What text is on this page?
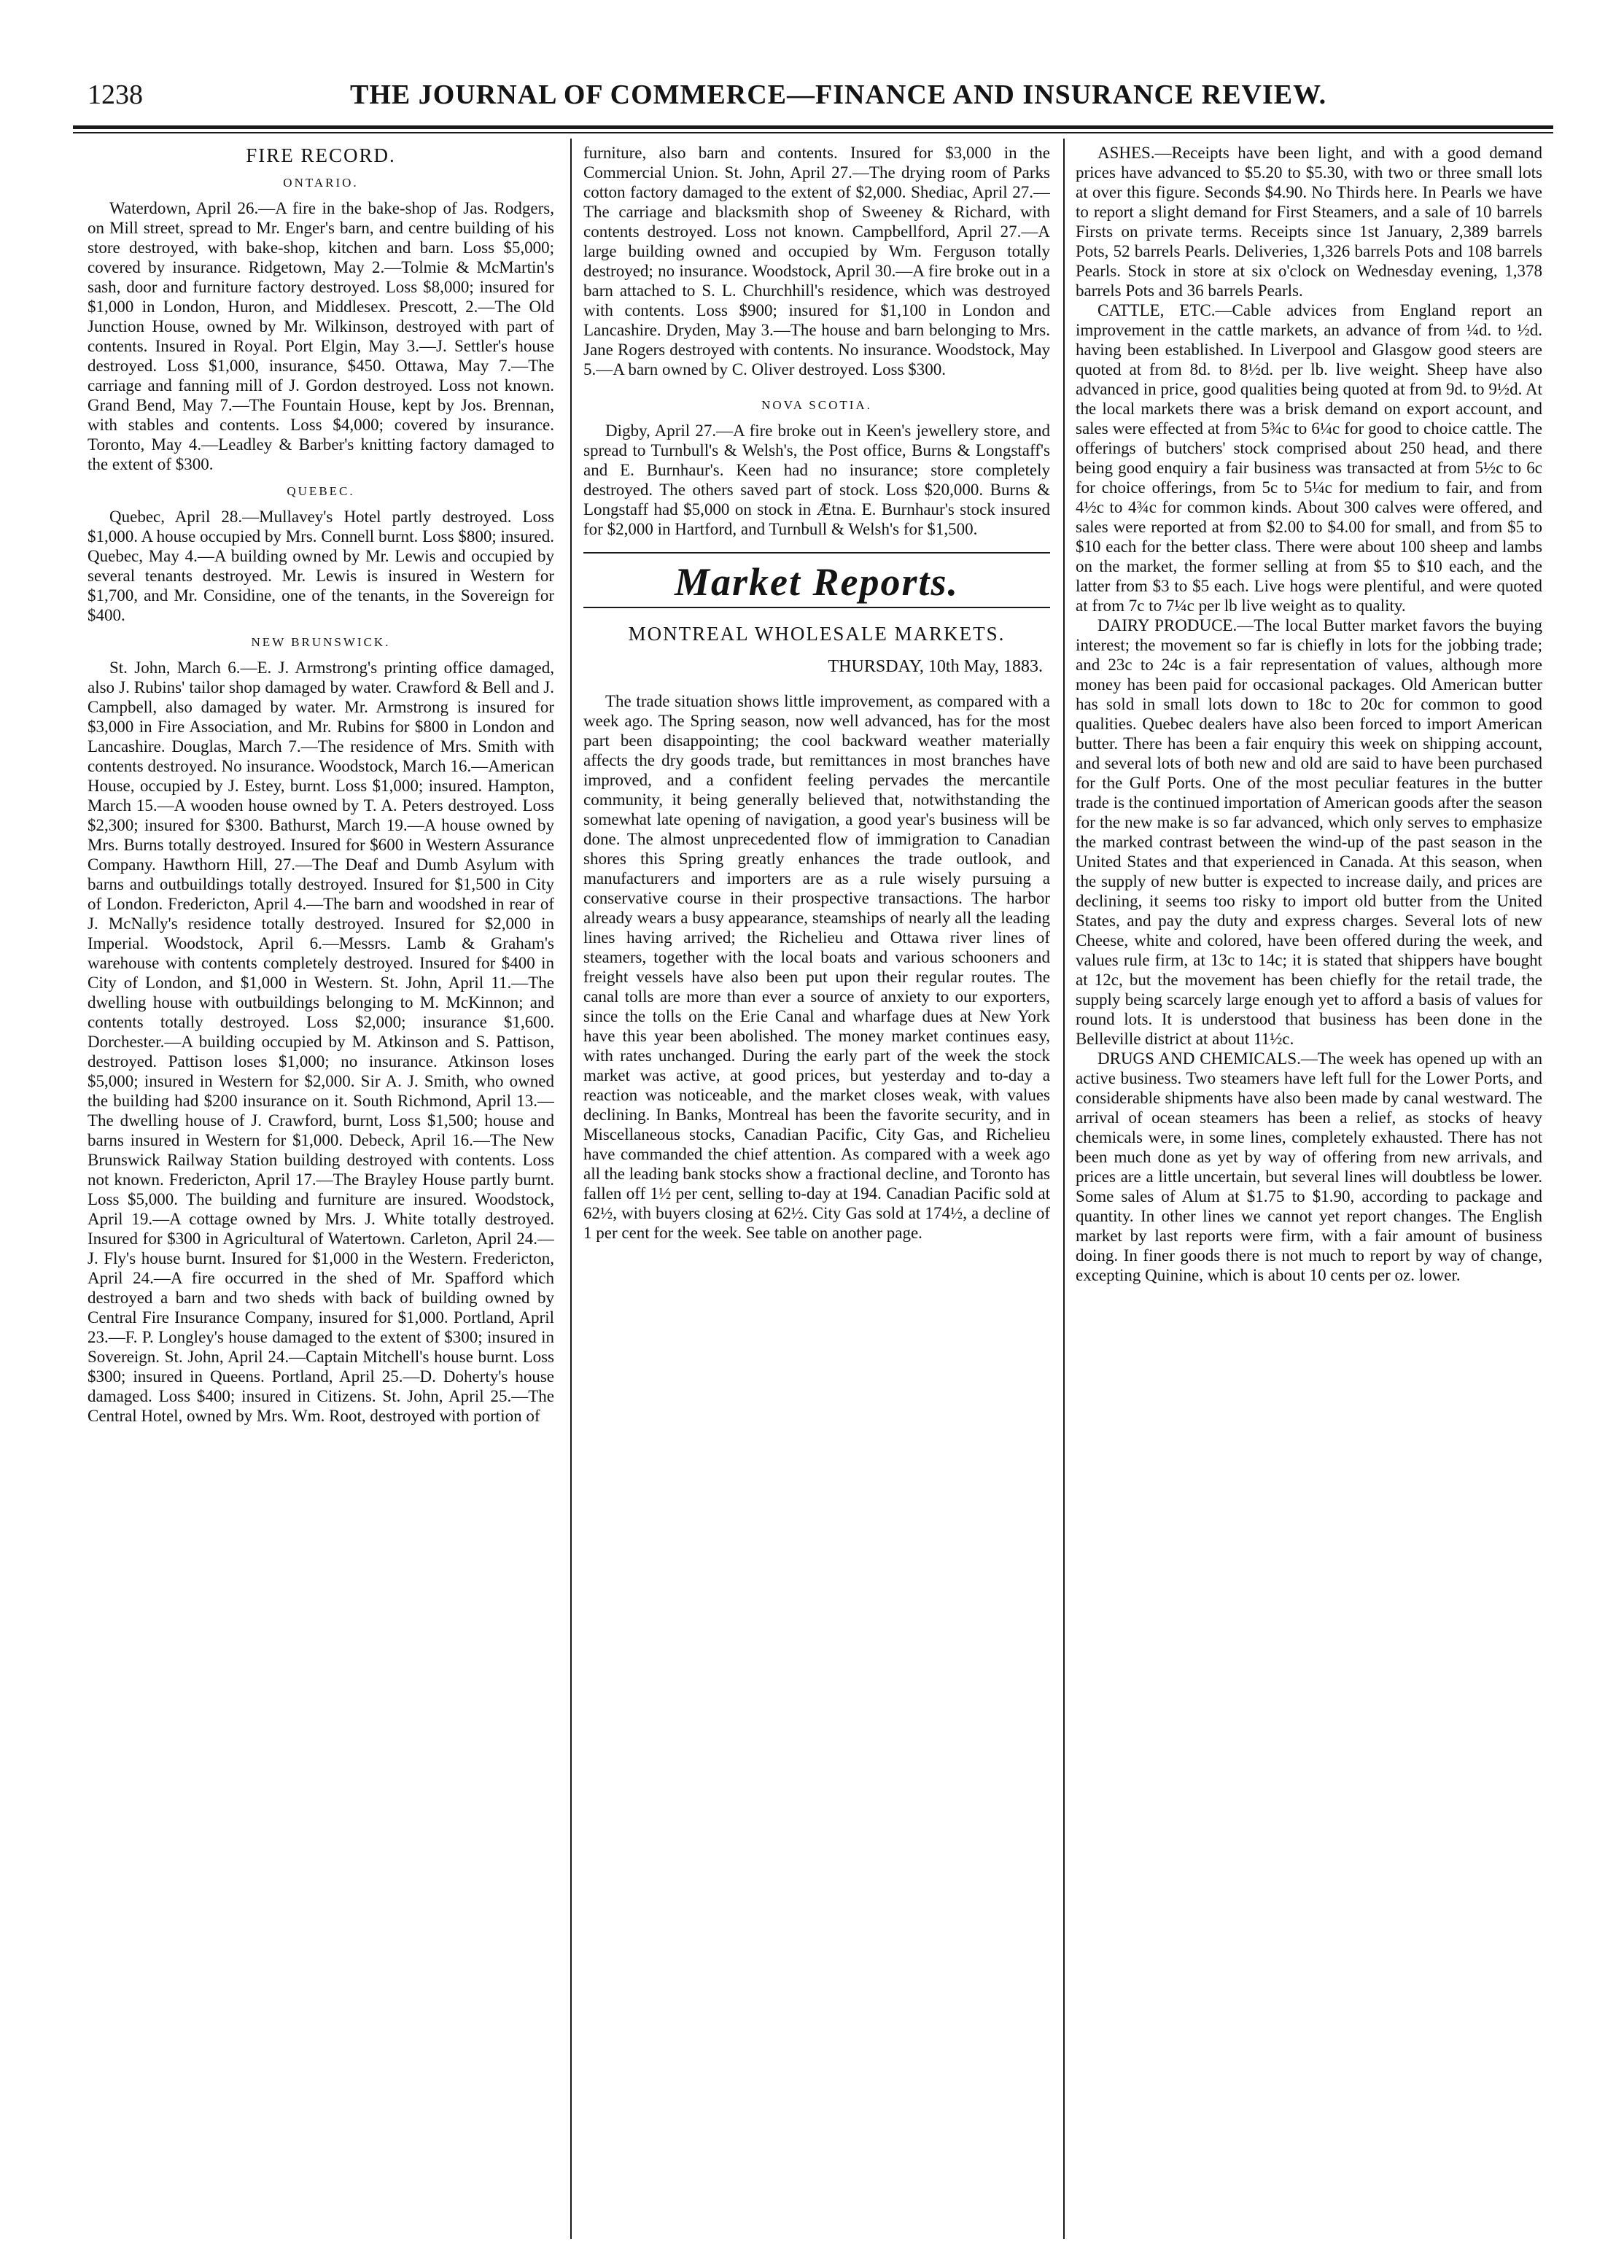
1238	THE JOURNAL OF COMMERCE—FINANCE AND INSURANCE REVIEW.
FIRE RECORD.
ONTARIO.

Waterdown, April 26.—A fire in the bake-shop of Jas. Rodgers, on Mill street, spread to Mr. Enger's barn, and centre building of his store destroyed, with bake-shop, kitchen and barn. Loss $5,000; covered by insurance. Ridgetown, May 2.—Tolmie & McMartin's sash, door and furniture factory destroyed. Loss $8,000; insured for $1,000 in London, Huron, and Middlesex. Prescott, 2.—The Old Junction House, owned by Mr. Wilkinson, destroyed with part of contents. Insured in Royal. Port Elgin, May 3.—J. Settler's house destroyed. Loss $1,000, insurance, $450. Ottawa, May 7.—The carriage and fanning mill of J. Gordon destroyed. Loss not known. Grand Bend, May 7.—The Fountain House, kept by Jos. Brennan, with stables and contents. Loss $4,000; covered by insurance. Toronto, May 4.—Leadley & Barber's knitting factory damaged to the extent of $300.

QUEBEC.

Quebec, April 28.—Mullavey's Hotel partly destroyed. Loss $1,000. A house occupied by Mrs. Connell burnt. Loss $800; insured. Quebec, May 4.—A building owned by Mr. Lewis and occupied by several tenants destroyed. Mr. Lewis is insured in Western for $1,700, and Mr. Considine, one of the tenants, in the Sovereign for $400.

NEW BRUNSWICK.

St. John, March 6.—E. J. Armstrong's printing office damaged, also J. Rubins' tailor shop damaged by water. Crawford & Bell and J. Campbell, also damaged by water. Mr. Armstrong is insured for $3,000 in Fire Association, and Mr. Rubins for $800 in London and Lancashire. Douglas, March 7.—The residence of Mrs. Smith with contents destroyed. No insurance. Woodstock, March 16.—American House, occupied by J. Estey, burnt. Loss $1,000; insured. Hampton, March 15.—A wooden house owned by T. A. Peters destroyed. Loss $2,300; insured for $300. Bathurst, March 19.—A house owned by Mrs. Burns totally destroyed. Insured for $600 in Western Assurance Company. Hawthorn Hill, 27.—The Deaf and Dumb Asylum with barns and outbuildings totally destroyed. Insured for $1,500 in City of London. Fredericton, April 4.—The barn and woodshed in rear of J. McNally's residence totally destroyed. Insured for $2,000 in Imperial. Woodstock, April 6.—Messrs. Lamb & Graham's warehouse with contents completely destroyed. Insured for $400 in City of London, and $1,000 in Western. St. John, April 11.—The dwelling house with outbuildings belonging to M. McKinnon; and contents totally destroyed. Loss $2,000; insurance $1,600. Dorchester.—A building occupied by M. Atkinson and S. Pattison, destroyed. Pattison loses $1,000; no insurance. Atkinson loses $5,000; insured in Western for $2,000. Sir A. J. Smith, who owned the building had $200 insurance on it. South Richmond, April 13.—The dwelling house of J. Crawford, burnt, Loss $1,500; house and barns insured in Western for $1,000. Debeck, April 16.—The New Brunswick Railway Station building destroyed with contents. Loss not known. Fredericton, April 17.—The Brayley House partly burnt. Loss $5,000. The building and furniture are insured. Woodstock, April 19.—A cottage owned by Mrs. J. White totally destroyed. Insured for $300 in Agricultural of Watertown. Carleton, April 24.—J. Fly's house burnt. Insured for $1,000 in the Western. Fredericton, April 24.—A fire occurred in the shed of Mr. Spafford which destroyed a barn and two sheds with back of building owned by Central Fire Insurance Company, insured for $1,000. Portland, April 23.—F. P. Longley's house damaged to the extent of $300; insured in Sovereign. St. John, April 24.—Captain Mitchell's house burnt. Loss $300; insured in Queens. Portland, April 25.—D. Doherty's house damaged. Loss $400; insured in Citizens. St. John, April 25.—The Central Hotel, owned by Mrs. Wm. Root, destroyed with portion of

furniture, also barn and contents. Insured for $3,000 in the Commercial Union. St. John, April 27.—The drying room of Parks cotton factory damaged to the extent of $2,000. Shediac, April 27.—The carriage and blacksmith shop of Sweeney & Richard, with contents destroyed. Loss not known. Campbellford, April 27.—A large building owned and occupied by Wm. Ferguson totally destroyed; no insurance. Woodstock, April 30.—A fire broke out in a barn attached to S. L. Churchhill's residence, which was destroyed with contents. Loss $900; insured for $1,100 in London and Lancashire. Dryden, May 3.—The house and barn belonging to Mrs. Jane Rogers destroyed with contents. No insurance. Woodstock, May 5.—A barn owned by C. Oliver destroyed. Loss $300.

NOVA SCOTIA.

Digby, April 27.—A fire broke out in Keen's jewellery store, and spread to Turnbull's & Welsh's, the Post office, Burns & Longstaff's and E. Burnhaur's. Keen had no insurance; store completely destroyed. The others saved part of stock. Loss $20,000. Burns & Longstaff had $5,000 on stock in Ætna. E. Burnhaur's stock insured for $2,000 in Hartford, and Turnbull & Welsh's for $1,500.

Market Reports.
MONTREAL WHOLESALE MARKETS.
THURSDAY, 10th May, 1883.

The trade situation shows little improvement, as compared with a week ago. The Spring season, now well advanced, has for the most part been disappointing; the cool backward weather materially affects the dry goods trade, but remittances in most branches have improved, and a confident feeling pervades the mercantile community, it being generally believed that, notwithstanding the somewhat late opening of navigation, a good year's business will be done. The almost unprecedented flow of immigration to Canadian shores this Spring greatly enhances the trade outlook, and manufacturers and importers are as a rule wisely pursuing a conservative course in their prospective transactions. The harbor already wears a busy appearance, steamships of nearly all the leading lines having arrived; the Richelieu and Ottawa river lines of steamers, together with the local boats and various schooners and freight vessels have also been put upon their regular routes. The canal tolls are more than ever a source of anxiety to our exporters, since the tolls on the Erie Canal and wharfage dues at New York have this year been abolished. The money market continues easy, with rates unchanged. During the early part of the week the stock market was active, at good prices, but yesterday and to-day a reaction was noticeable, and the market closes weak, with values declining. In Banks, Montreal has been the favorite security, and in Miscellaneous stocks, Canadian Pacific, City Gas, and Richelieu have commanded the chief attention. As compared with a week ago all the leading bank stocks show a fractional decline, and Toronto has fallen off 1½ per cent, selling to-day at 194. Canadian Pacific sold at 62½, with buyers closing at 62½. City Gas sold at 174½, a decline of 1 per cent for the week. See table on another page.

ASHES.—Receipts have been light, and with a good demand prices have advanced to $5.20 to $5.30, with two or three small lots at over this figure. Seconds $4.90. No Thirds here. In Pearls we have to report a slight demand for First Steamers, and a sale of 10 barrels Firsts on private terms. Receipts since 1st January, 2,389 barrels Pots, 52 barrels Pearls. Deliveries, 1,326 barrels Pots and 108 barrels Pearls. Stock in store at six o'clock on Wednesday evening, 1,378 barrels Pots and 36 barrels Pearls.

CATTLE, ETC.—Cable advices from England report an improvement in the cattle markets, an advance of from ¼d. to ½d. having been established. In Liverpool and Glasgow good steers are quoted at from 8d. to 8½d. per lb. live weight. Sheep have also advanced in price, good qualities being quoted at from 9d. to 9½d. At the local markets there was a brisk demand on export account, and sales were effected at from 5¾c to 6¼c for good to choice cattle. The offerings of butchers' stock comprised about 250 head, and there being good enquiry a fair business was transacted at from 5½c to 6c for choice offerings, from 5c to 5¼c for medium to fair, and from 4½c to 4¾c for common kinds. About 300 calves were offered, and sales were reported at from $2.00 to $4.00 for small, and from $5 to $10 each for the better class. There were about 100 sheep and lambs on the market, the former selling at from $5 to $10 each, and the latter from $3 to $5 each. Live hogs were plentiful, and were quoted at from 7c to 7¼c per lb live weight as to quality.

DAIRY PRODUCE.—The local Butter market favors the buying interest; the movement so far is chiefly in lots for the jobbing trade; and 23c to 24c is a fair representation of values, although more money has been paid for occasional packages. Old American butter has sold in small lots down to 18c to 20c for common to good qualities. Quebec dealers have also been forced to import American butter. There has been a fair enquiry this week on shipping account, and several lots of both new and old are said to have been purchased for the Gulf Ports. One of the most peculiar features in the butter trade is the continued importation of American goods after the season for the new make is so far advanced, which only serves to emphasize the marked contrast between the wind-up of the past season in the United States and that experienced in Canada. At this season, when the supply of new butter is expected to increase daily, and prices are declining, it seems too risky to import old butter from the United States, and pay the duty and express charges. Several lots of new Cheese, white and colored, have been offered during the week, and values rule firm, at 13c to 14c; it is stated that shippers have bought at 12c, but the movement has been chiefly for the retail trade, the supply being scarcely large enough yet to afford a basis of values for round lots. It is understood that business has been done in the Belleville district at about 11½c.

DRUGS AND CHEMICALS.—The week has opened up with an active business. Two steamers have left full for the Lower Ports, and considerable shipments have also been made by canal westward. The arrival of ocean steamers has been a relief, as stocks of heavy chemicals were, in some lines, completely exhausted. There has not been much done as yet by way of offering from new arrivals, and prices are a little uncertain, but several lines will doubtless be lower. Some sales of Alum at $1.75 to $1.90, according to package and quantity. In other lines we cannot yet report changes. The English market by last reports were firm, with a fair amount of business doing. In finer goods there is not much to report by way of change, excepting Quinine, which is about 10 cents per oz. lower.
